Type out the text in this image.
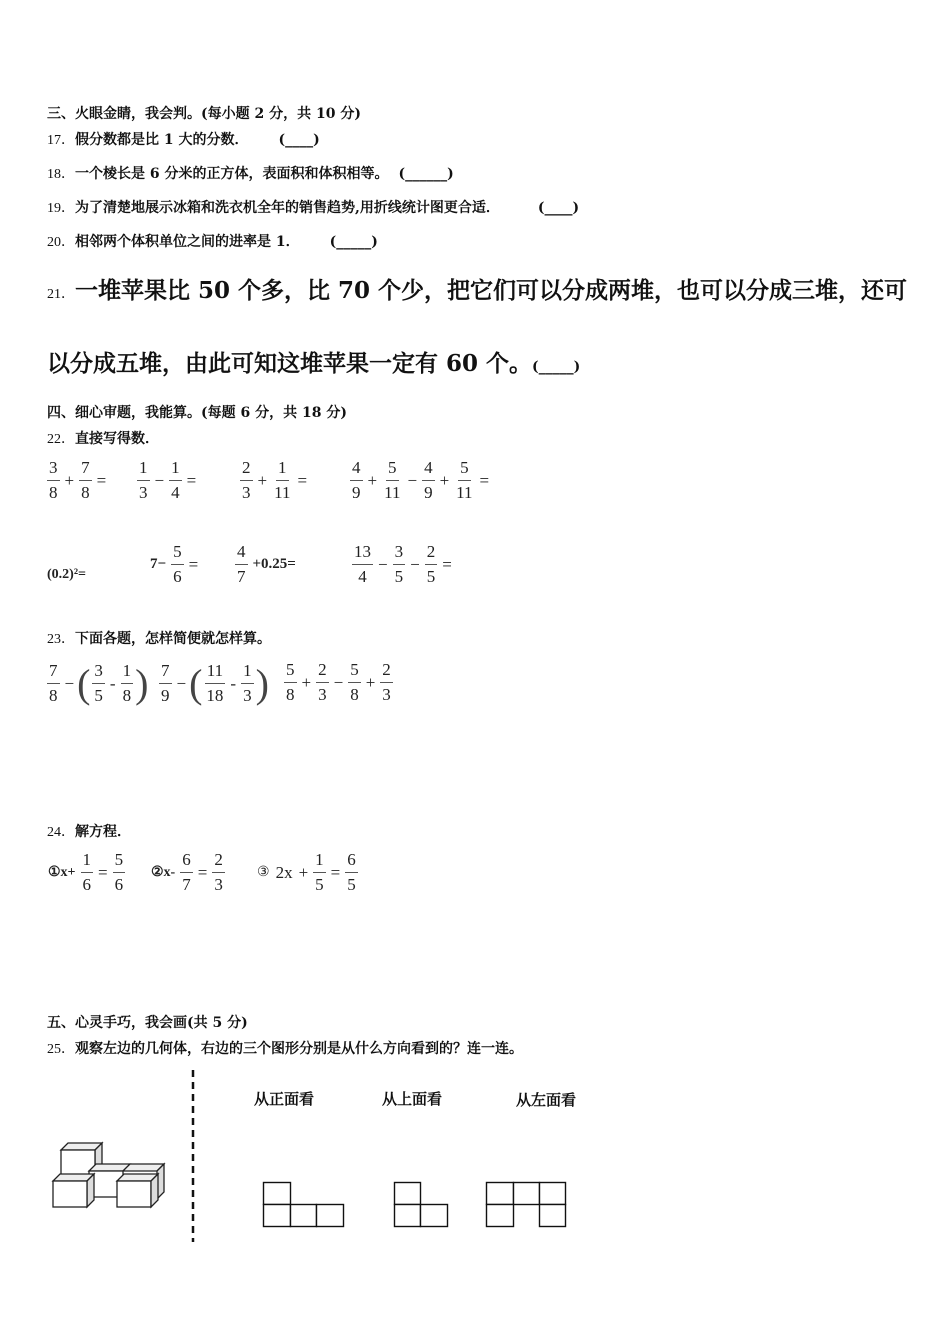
三、火眼金睛，我会判。(每小题 2 分，共 10 分)
17．假分数都是比 1 大的分数． (____)
18．一个棱长是 6 分米的正方体，表面积和体积相等。 (______)
19．为了清楚地展示冰箱和洗衣机全年的销售趋势,用折线统计图更合适．	(____)
20．相邻两个体积单位之间的进率是 1． (_____)
21．一堆苹果比 50 个多，比 70 个少，把它们可以分成两堆，也可以分成三堆，还可
以分成五堆，由此可知这堆苹果一定有 60 个。(_____)
四、细心审题，我能算。(每题 6 分，共 18 分)
22．直接写得数．
$\frac{3}{8} + \frac{7}{8} = \frac{1}{3} - \frac{1}{4}$ =	$\frac{2}{3} + \frac{1}{11}$ =	$\frac{4}{9} + \frac{5}{11} - \frac{4}{9} + \frac{5}{11}$ =
(0.2)²=
$7- \frac{5}{6} = \frac{4}{7} +0.25=$	$\frac{13}{4} - \frac{3}{5} - \frac{2}{5}$ =
23．下面各题，怎样简便就怎样算。
$\frac{7}{8}$ −( $\frac{3}{5} - \frac{1}{8}$ ) $\frac{7}{9}$ −( $\frac{11}{18} - \frac{1}{3}$ ) $\frac{5}{8} + \frac{2}{3} - \frac{5}{8} + \frac{2}{3}$
24．解方程．
①x+ $\frac{1}{6} = \frac{5}{6}$ ②x- $\frac{6}{7} = \frac{2}{3}$ ③ $2x + \frac{1}{5} = \frac{6}{5}$
五、心灵手巧，我会画(共 5 分)
25．观察左边的几何体，右边的三个图形分别是从什么方向看到的？连一连。
从正面看	从上面看	从左面看
